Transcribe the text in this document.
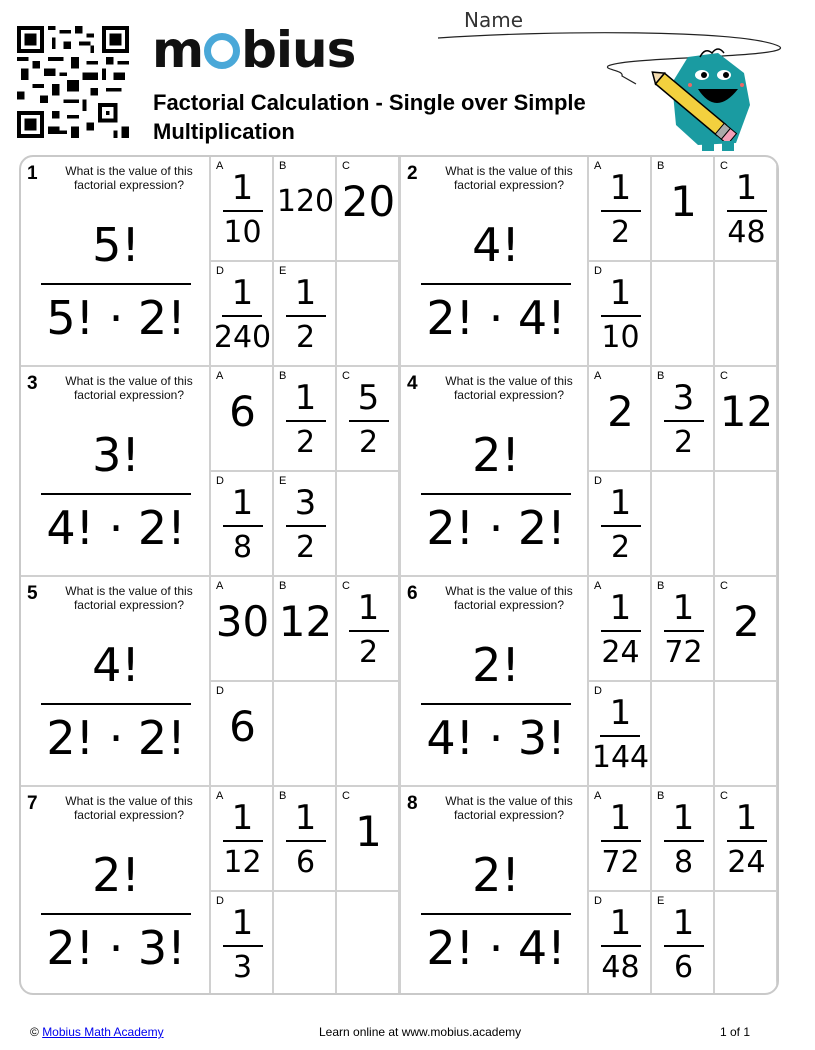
m bius
Factorial Calculation - Single over Simple Multiplication
Name
1	What is the value of this factorial expression?
5!
5! · 2!
$\frac{1}{10}$
A
120
B
20
C
$\frac{1}{240}$
D
$\frac{1}{2}$
E
2	What is the value of this factorial expression?
4!
2! · 4!
$\frac{1}{2}$
A
1
B
$\frac{1}{48}$
C
$\frac{1}{10}$
D
3	What is the value of this factorial expression?
3!
4! · 2!
6
A
$\frac{1}{2}$
B
$\frac{5}{2}$
C
$\frac{1}{8}$
D
$\frac{3}{2}$
E
4	What is the value of this factorial expression?
2!
2! · 2!
2
A
$\frac{3}{2}$
B
12
C
$\frac{1}{2}$
D
5	What is the value of this factorial expression?
4!
2! · 2!
30
A
12
B
$\frac{1}{2}$
C
6
D
6	What is the value of this factorial expression?
2!
4! · 3!
$\frac{1}{24}$
A
$\frac{1}{72}$
B
2
C
$\frac{1}{144}$
D
7	What is the value of this factorial expression?
2!
2! · 3!
$\frac{1}{12}$
A
$\frac{1}{6}$
B
1
C
$\frac{1}{3}$
D
8	What is the value of this factorial expression?
2!
2! · 4!
$\frac{1}{72}$
A
$\frac{1}{8}$
B
$\frac{1}{24}$
C
$\frac{1}{48}$
D
$\frac{1}{6}$
E
© Mobius Math Academy	Learn online at www.mobius.academy	1 of 1
